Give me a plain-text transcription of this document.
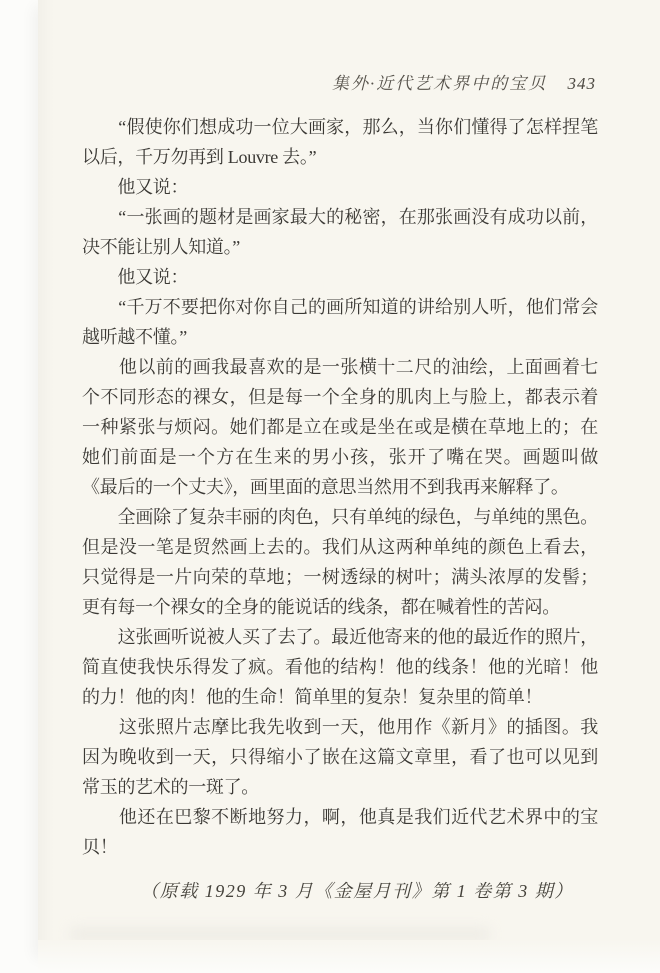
集外·近代艺术界中的宝贝 343
　　“假使你们想成功一位大画家，那么，当你们懂得了怎样捏笔
以后，千万勿再到 Louvre 去。”
　　他又说：
　　“一张画的题材是画家最大的秘密，在那张画没有成功以前，
决不能让别人知道。”
　　他又说：
　　“千万不要把你对你自己的画所知道的讲给别人听，他们常会
越听越不懂。”
　　他以前的画我最喜欢的是一张横十二尺的油绘，上面画着七
个不同形态的裸女，但是每一个全身的肌肉上与脸上，都表示着
一种紧张与烦闷。她们都是立在或是坐在或是横在草地上的；在
她们前面是一个方在生来的男小孩，张开了嘴在哭。画题叫做
《最后的一个丈夫》，画里面的意思当然用不到我再来解释了。
　　全画除了复杂丰丽的肉色，只有单纯的绿色，与单纯的黑色。
但是没一笔是贸然画上去的。我们从这两种单纯的颜色上看去，
只觉得是一片向荣的草地；一树透绿的树叶；满头浓厚的发髻；
更有每一个裸女的全身的能说话的线条，都在喊着性的苦闷。
　　这张画听说被人买了去了。最近他寄来的他的最近作的照片，
简直使我快乐得发了疯。看他的结构！他的线条！他的光暗！他
的力！他的肉！他的生命！简单里的复杂！复杂里的简单！
　　这张照片志摩比我先收到一天，他用作《新月》的插图。我
因为晚收到一天，只得缩小了嵌在这篇文章里，看了也可以见到
常玉的艺术的一斑了。
　　他还在巴黎不断地努力，啊，他真是我们近代艺术界中的宝
贝！
（原载 1929 年 3 月《金屋月刊》第 1 卷第 3 期）
